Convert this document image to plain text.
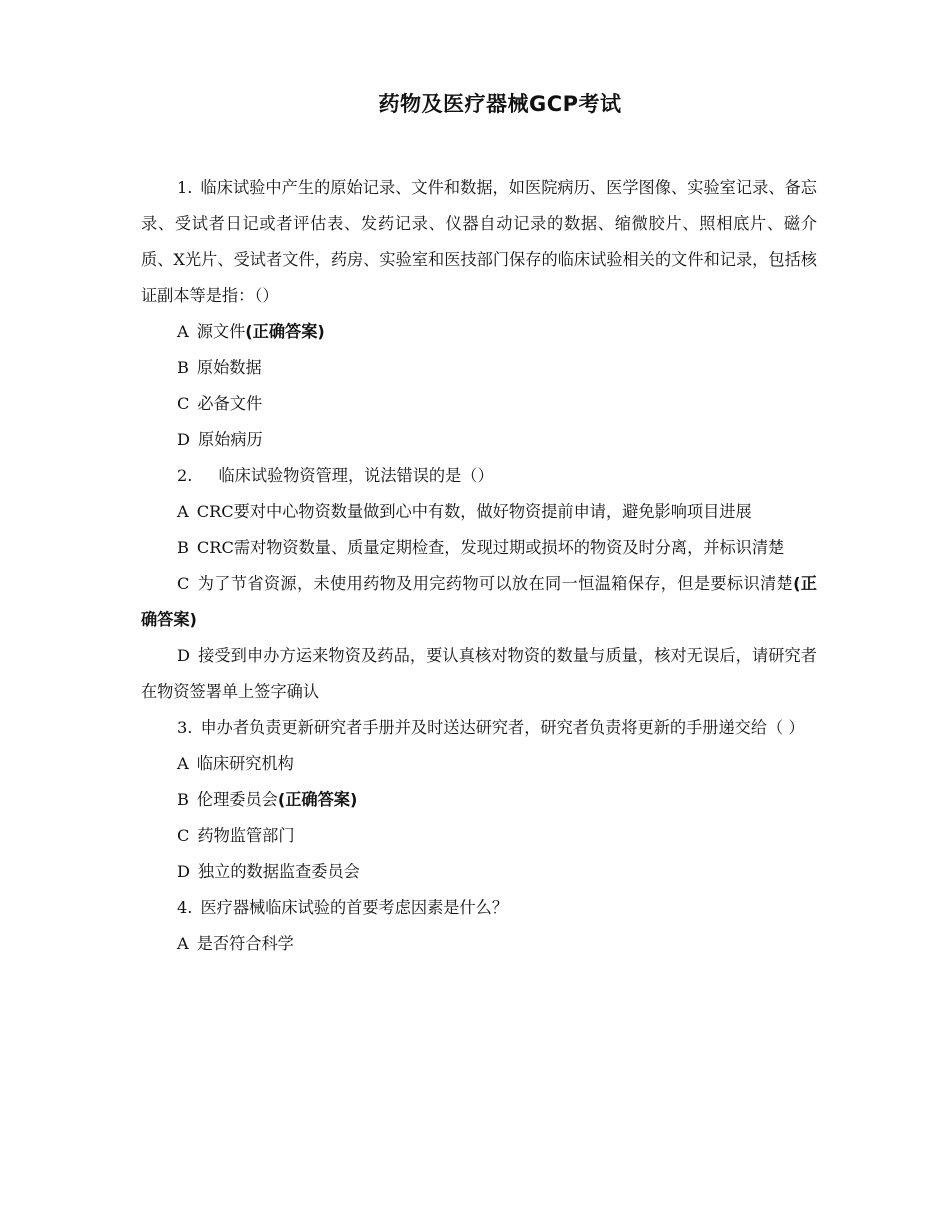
药物及医疗器械GCP考试

1. 临床试验中产生的原始记录、文件和数据，如医院病历、医学图像、实验室记录、备忘录、受试者日记或者评估表、发药记录、仪器自动记录的数据、缩微胶片、照相底片、磁介质、X光片、受试者文件，药房、实验室和医技部门保存的临床试验相关的文件和记录，包括核证副本等是指：（）

A 源文件(正确答案)

B 原始数据

C 必备文件

D 原始病历

2. 临床试验物资管理，说法错误的是（）

A CRC要对中心物资数量做到心中有数，做好物资提前申请，避免影响项目进展

B CRC需对物资数量、质量定期检查，发现过期或损坏的物资及时分离，并标识清楚

C 为了节省资源，未使用药物及用完药物可以放在同一恒温箱保存，但是要标识清楚(正确答案)

D 接受到申办方运来物资及药品，要认真核对物资的数量与质量，核对无误后，请研究者在物资签署单上签字确认

3. 申办者负责更新研究者手册并及时送达研究者，研究者负责将更新的手册递交给（ ）

A 临床研究机构

B 伦理委员会(正确答案)

C 药物监管部门

D 独立的数据监查委员会

4. 医疗器械临床试验的首要考虑因素是什么？

A 是否符合科学
